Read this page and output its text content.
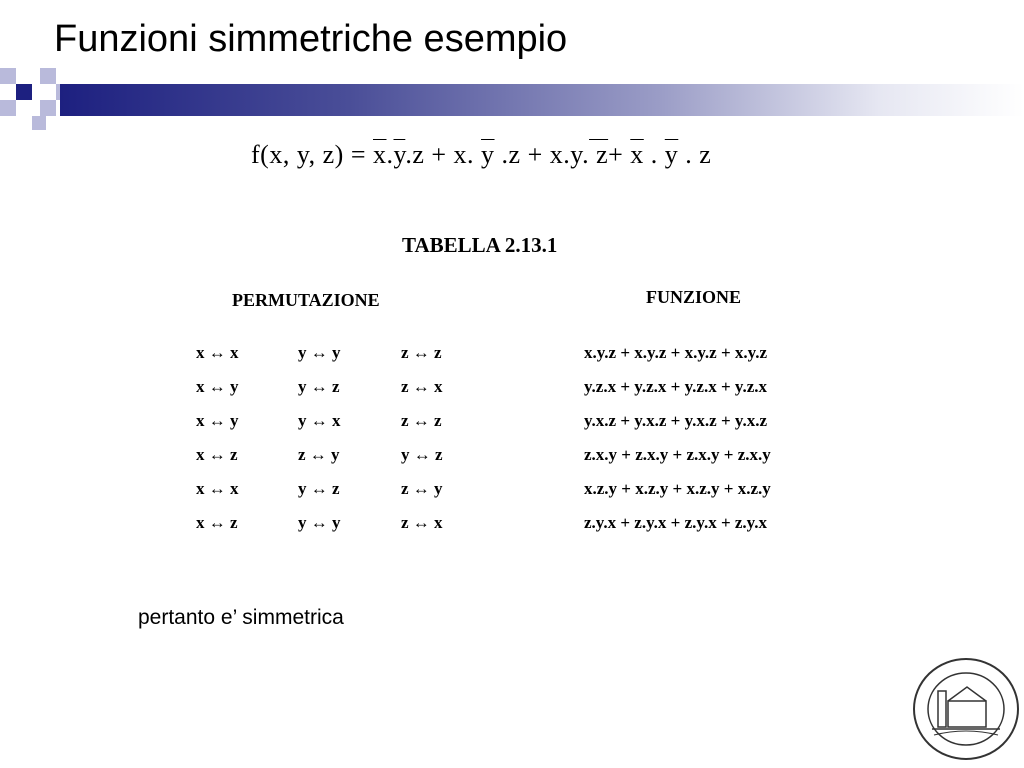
Funzioni simmetriche esempio
f(x, y, $z) = \overline{x}.\overline{y}.z + x$. $\overline{y}$ .z + x.y. $z+ \overline{x}$ . $\overline{y}$ . z
TABELLA 2.13.1
PERMUTAZIONE	FUNZIONE
x ↔ x	y ↔ y	z ↔ z	x.y.z + x.y.z + x.y.z + x.y.z
x ↔ y	y ↔ z	z ↔ x	y.z.x + y.z.x + y.z.x + y.z.x
x ↔ y	y ↔ x	z ↔ z	y.x.z + y.x.z + y.x.z + y.x.z
x ↔ z	z ↔ y	y ↔ z	z.x.y + z.x.y + z.x.y + z.x.y
x ↔ x	y ↔ z	z ↔ y	x.z.y + x.z.y + x.z.y + x.z.y
x ↔ z	y ↔ y	z ↔ x	z.y.x + z.y.x + z.y.x + z.y.x
pertanto e’ simmetrica
